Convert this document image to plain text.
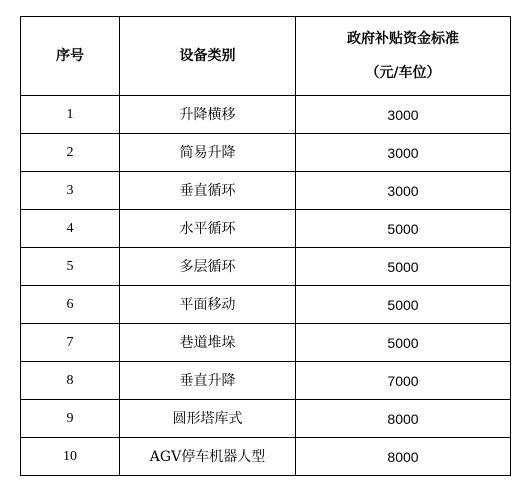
序号	设备类别	政府补贴资金标准
（元/车位）

1	升降横移	3000
2	简易升降	3000
3	垂直循环	3000
4	水平循环	5000
5	多层循环	5000
6	平面移动	5000
7	巷道堆垛	5000
8	垂直升降	7000
9	圆形塔库式	8000
10	AGV停车机器人型	8000
